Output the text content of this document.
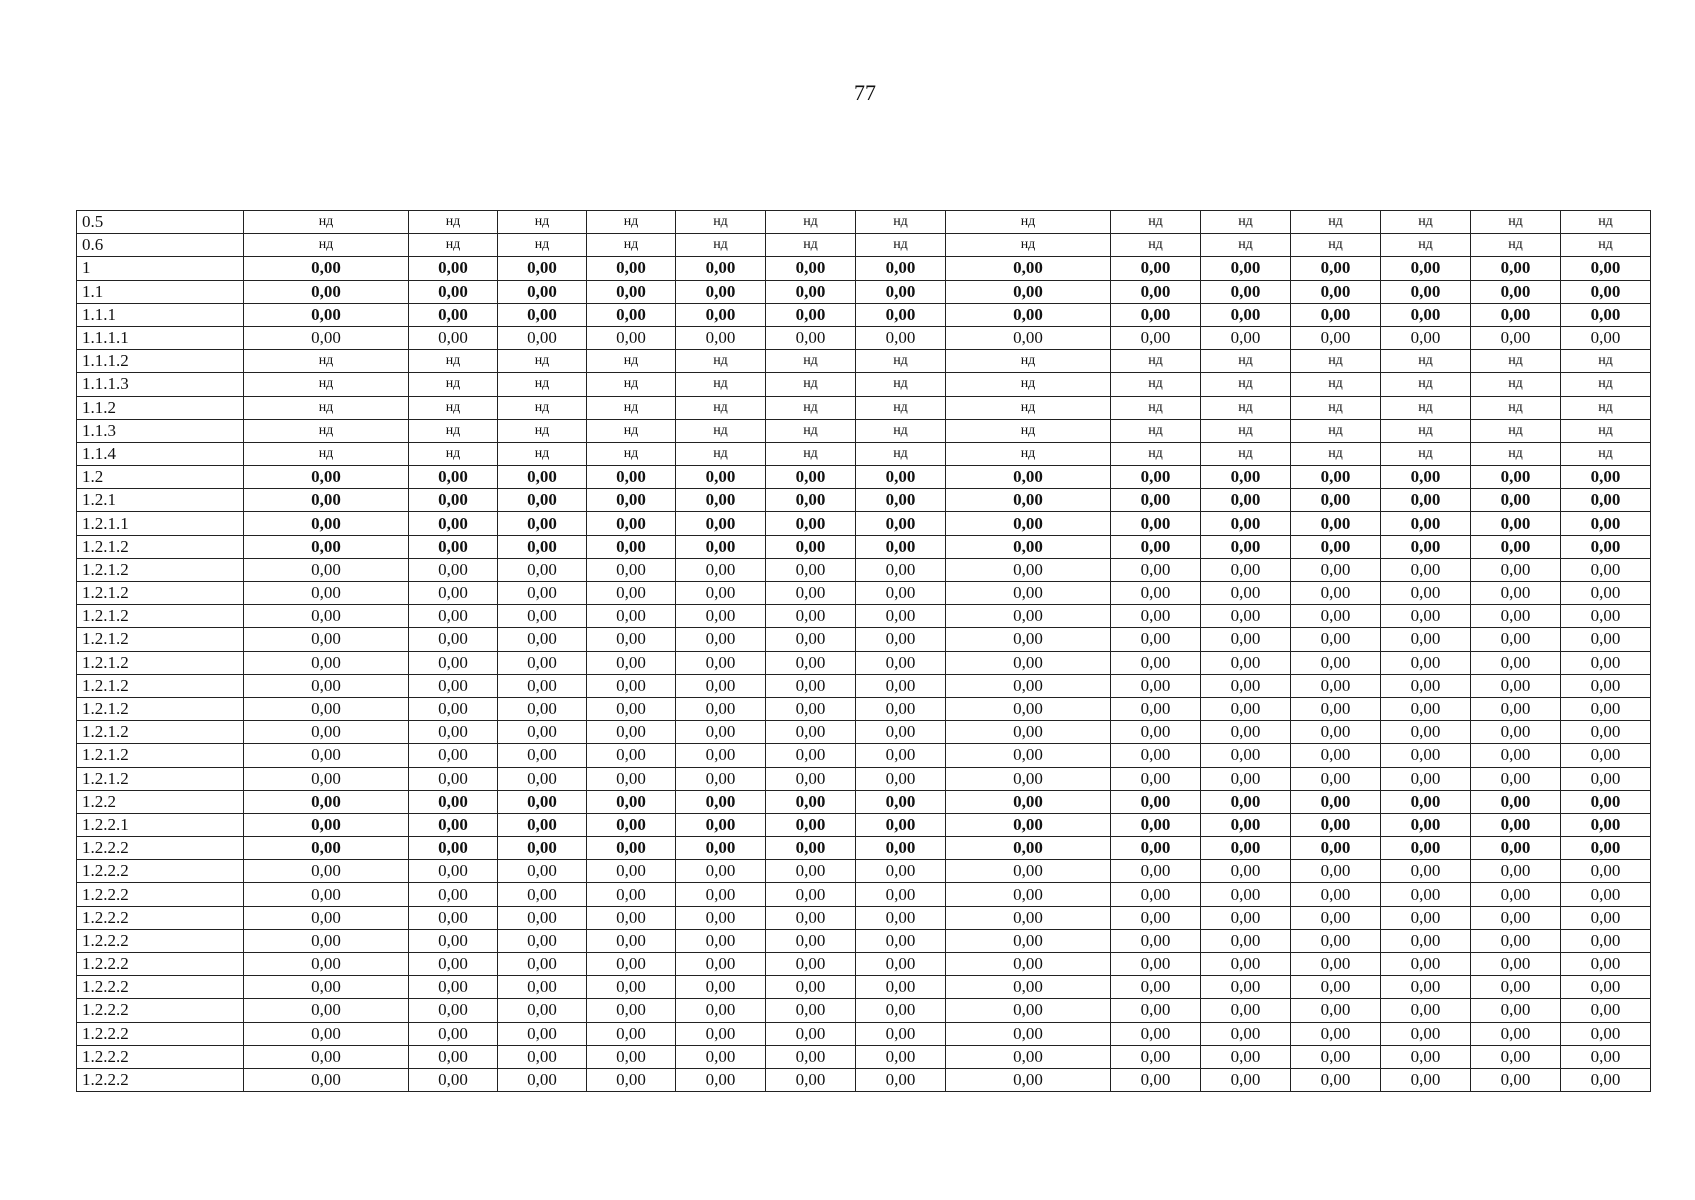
77
0.5	нд	нд	нд	нд	нд	нд	нд	нд	нд	нд	нд	нд	нд	нд
0.6	нд	нд	нд	нд	нд	нд	нд	нд	нд	нд	нд	нд	нд	нд
1	0,00	0,00	0,00	0,00	0,00	0,00	0,00	0,00	0,00	0,00	0,00	0,00	0,00	0,00
1.1	0,00	0,00	0,00	0,00	0,00	0,00	0,00	0,00	0,00	0,00	0,00	0,00	0,00	0,00
1.1.1	0,00	0,00	0,00	0,00	0,00	0,00	0,00	0,00	0,00	0,00	0,00	0,00	0,00	0,00
1.1.1.1	0,00	0,00	0,00	0,00	0,00	0,00	0,00	0,00	0,00	0,00	0,00	0,00	0,00	0,00
1.1.1.2	нд	нд	нд	нд	нд	нд	нд	нд	нд	нд	нд	нд	нд	нд
1.1.1.3	нд	нд	нд	нд	нд	нд	нд	нд	нд	нд	нд	нд	нд	нд
1.1.2	нд	нд	нд	нд	нд	нд	нд	нд	нд	нд	нд	нд	нд	нд
1.1.3	нд	нд	нд	нд	нд	нд	нд	нд	нд	нд	нд	нд	нд	нд
1.1.4	нд	нд	нд	нд	нд	нд	нд	нд	нд	нд	нд	нд	нд	нд
1.2	0,00	0,00	0,00	0,00	0,00	0,00	0,00	0,00	0,00	0,00	0,00	0,00	0,00	0,00
1.2.1	0,00	0,00	0,00	0,00	0,00	0,00	0,00	0,00	0,00	0,00	0,00	0,00	0,00	0,00
1.2.1.1	0,00	0,00	0,00	0,00	0,00	0,00	0,00	0,00	0,00	0,00	0,00	0,00	0,00	0,00
1.2.1.2	0,00	0,00	0,00	0,00	0,00	0,00	0,00	0,00	0,00	0,00	0,00	0,00	0,00	0,00
1.2.1.2	0,00	0,00	0,00	0,00	0,00	0,00	0,00	0,00	0,00	0,00	0,00	0,00	0,00	0,00
1.2.1.2	0,00	0,00	0,00	0,00	0,00	0,00	0,00	0,00	0,00	0,00	0,00	0,00	0,00	0,00
1.2.1.2	0,00	0,00	0,00	0,00	0,00	0,00	0,00	0,00	0,00	0,00	0,00	0,00	0,00	0,00
1.2.1.2	0,00	0,00	0,00	0,00	0,00	0,00	0,00	0,00	0,00	0,00	0,00	0,00	0,00	0,00
1.2.1.2	0,00	0,00	0,00	0,00	0,00	0,00	0,00	0,00	0,00	0,00	0,00	0,00	0,00	0,00
1.2.1.2	0,00	0,00	0,00	0,00	0,00	0,00	0,00	0,00	0,00	0,00	0,00	0,00	0,00	0,00
1.2.1.2	0,00	0,00	0,00	0,00	0,00	0,00	0,00	0,00	0,00	0,00	0,00	0,00	0,00	0,00
1.2.1.2	0,00	0,00	0,00	0,00	0,00	0,00	0,00	0,00	0,00	0,00	0,00	0,00	0,00	0,00
1.2.1.2	0,00	0,00	0,00	0,00	0,00	0,00	0,00	0,00	0,00	0,00	0,00	0,00	0,00	0,00
1.2.1.2	0,00	0,00	0,00	0,00	0,00	0,00	0,00	0,00	0,00	0,00	0,00	0,00	0,00	0,00
1.2.2	0,00	0,00	0,00	0,00	0,00	0,00	0,00	0,00	0,00	0,00	0,00	0,00	0,00	0,00
1.2.2.1	0,00	0,00	0,00	0,00	0,00	0,00	0,00	0,00	0,00	0,00	0,00	0,00	0,00	0,00
1.2.2.2	0,00	0,00	0,00	0,00	0,00	0,00	0,00	0,00	0,00	0,00	0,00	0,00	0,00	0,00
1.2.2.2	0,00	0,00	0,00	0,00	0,00	0,00	0,00	0,00	0,00	0,00	0,00	0,00	0,00	0,00
1.2.2.2	0,00	0,00	0,00	0,00	0,00	0,00	0,00	0,00	0,00	0,00	0,00	0,00	0,00	0,00
1.2.2.2	0,00	0,00	0,00	0,00	0,00	0,00	0,00	0,00	0,00	0,00	0,00	0,00	0,00	0,00
1.2.2.2	0,00	0,00	0,00	0,00	0,00	0,00	0,00	0,00	0,00	0,00	0,00	0,00	0,00	0,00
1.2.2.2	0,00	0,00	0,00	0,00	0,00	0,00	0,00	0,00	0,00	0,00	0,00	0,00	0,00	0,00
1.2.2.2	0,00	0,00	0,00	0,00	0,00	0,00	0,00	0,00	0,00	0,00	0,00	0,00	0,00	0,00
1.2.2.2	0,00	0,00	0,00	0,00	0,00	0,00	0,00	0,00	0,00	0,00	0,00	0,00	0,00	0,00
1.2.2.2	0,00	0,00	0,00	0,00	0,00	0,00	0,00	0,00	0,00	0,00	0,00	0,00	0,00	0,00
1.2.2.2	0,00	0,00	0,00	0,00	0,00	0,00	0,00	0,00	0,00	0,00	0,00	0,00	0,00	0,00
1.2.2.2	0,00	0,00	0,00	0,00	0,00	0,00	0,00	0,00	0,00	0,00	0,00	0,00	0,00	0,00
